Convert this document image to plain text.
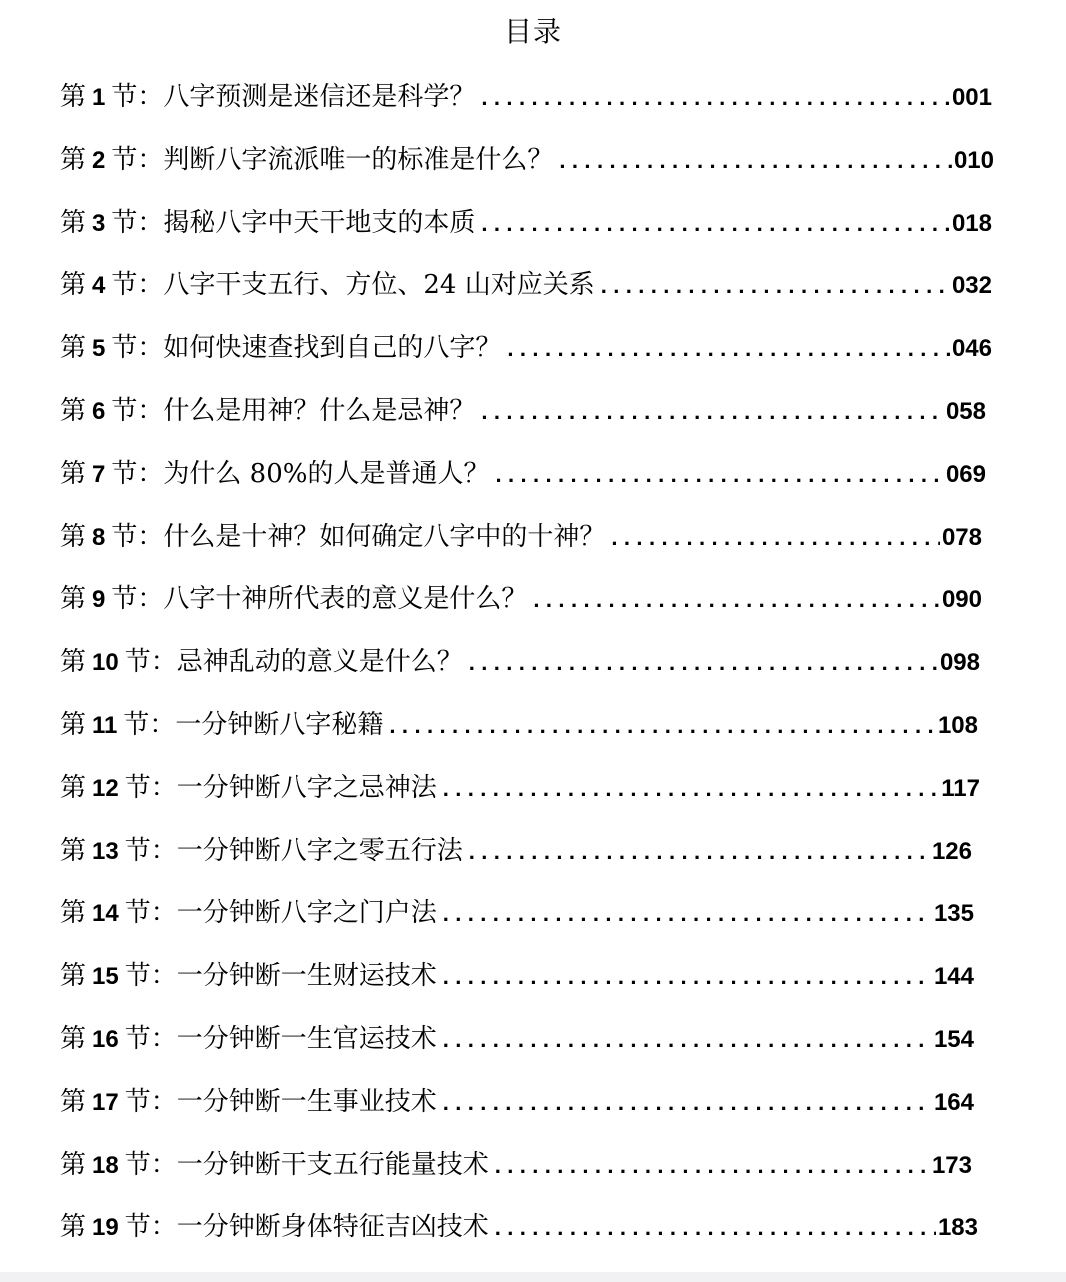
目录
第 1 节： 八字预测是迷信还是科学？ .....	001
第 2 节： 判断八字流派唯一的标准是什么？ .....	010
第 3 节： 揭秘八字中天干地支的本质 .....	018
第 4 节： 八字干支五行、方位、24 山对应关系 .....	032
第 5 节： 如何快速查找到自己的八字？ .....	046
第 6 节： 什么是用神？什么是忌神？ .....	058
第 7 节： 为什么 80%的人是普通人？ .....	069
第 8 节： 什么是十神？如何确定八字中的十神？ .....	078
第 9 节： 八字十神所代表的意义是什么？ .....	090
第 10 节： 忌神乱动的意义是什么？ .....	098
第 11 节： 一分钟断八字秘籍 .....	108
第 12 节： 一分钟断八字之忌神法 .....	117
第 13 节： 一分钟断八字之零五行法 .....	126
第 14 节： 一分钟断八字之门户法 .....	135
第 15 节： 一分钟断一生财运技术 .....	144
第 16 节： 一分钟断一生官运技术 .....	154
第 17 节： 一分钟断一生事业技术 .....	164
第 18 节： 一分钟断干支五行能量技术 .....	173
第 19 节： 一分钟断身体特征吉凶技术 .....	183
